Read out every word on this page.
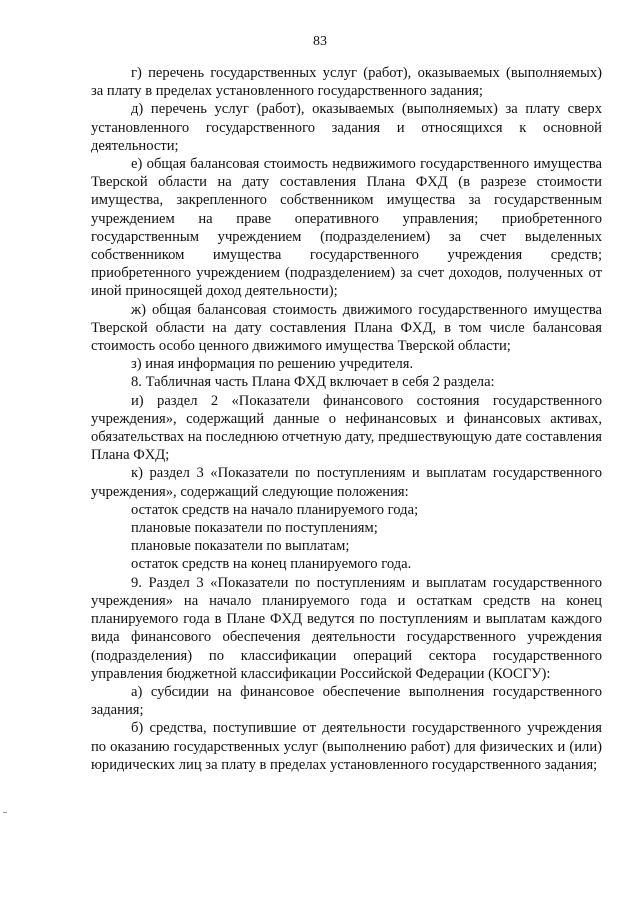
83

г) перечень государственных услуг (работ), оказываемых (выполняемых) за плату в пределах установленного государственного задания;

д) перечень услуг (работ), оказываемых (выполняемых) за плату сверх установленного государственного задания и относящихся к основной деятельности;

е) общая балансовая стоимость недвижимого государственного имущества Тверской области на дату составления Плана ФХД (в разрезе стоимости имущества, закрепленного собственником имущества за государственным учреждением на праве оперативного управления; приобретенного государственным учреждением (подразделением) за счет выделенных собственником имущества государственного учреждения средств; приобретенного учреждением (подразделением) за счет доходов, полученных от иной приносящей доход деятельности);

ж) общая балансовая стоимость движимого государственного имущества Тверской области на дату составления Плана ФХД, в том числе балансовая стоимость особо ценного движимого имущества Тверской области;

з) иная информация по решению учредителя.

8. Табличная часть Плана ФХД включает в себя 2 раздела:

и) раздел 2 «Показатели финансового состояния государственного учреждения», содержащий данные о нефинансовых и финансовых активах, обязательствах на последнюю отчетную дату, предшествующую дате составления Плана ФХД;

к) раздел 3 «Показатели по поступлениям и выплатам государственного учреждения», содержащий следующие положения:

остаток средств на начало планируемого года;

плановые показатели по поступлениям;

плановые показатели по выплатам;

остаток средств на конец планируемого года.

9. Раздел 3 «Показатели по поступлениям и выплатам государственного учреждения» на начало планируемого года и остаткам средств на конец планируемого года в Плане ФХД ведутся по поступлениям и выплатам каждого вида финансового обеспечения деятельности государственного учреждения (подразделения) по классификации операций сектора государственного управления бюджетной классификации Российской Федерации (КОСГУ):

а) субсидии на финансовое обеспечение выполнения государственного задания;

б) средства, поступившие от деятельности государственного учреждения по оказанию государственных услуг (выполнению работ) для физических и (или) юридических лиц за плату в пределах установленного государственного задания;
